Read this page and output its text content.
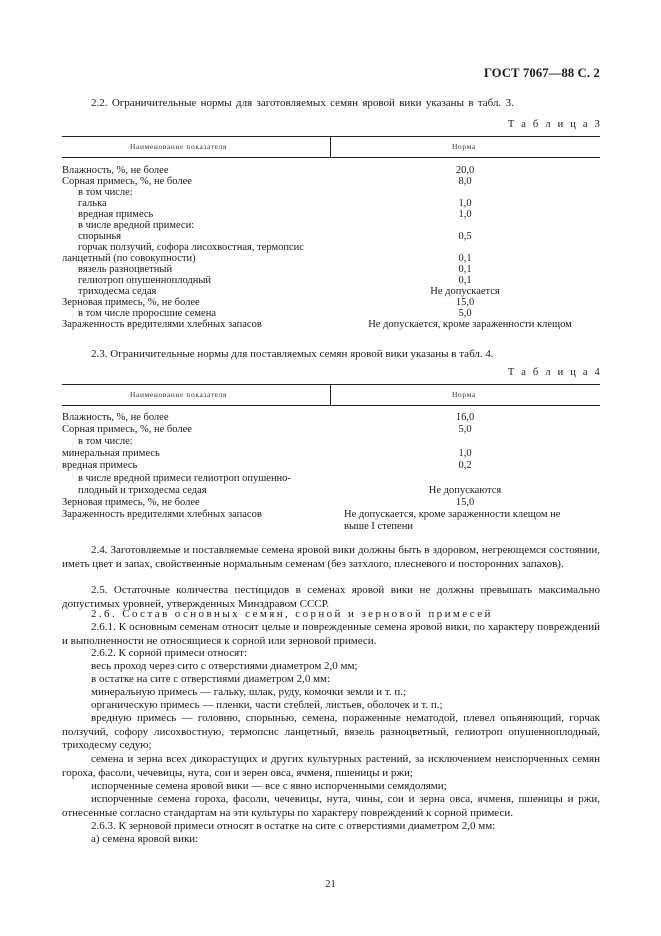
ГОСТ 7067—88 С. 2
2.2. Ограничительные нормы для заготовляемых семян яровой вики указаны в табл. 3.
Т а б л и ц а 3
Наименование показателя	Норма
Влажность, %, не более	20,0
Сорная примесь, %, не более	8,0
в том числе:
галька	1,0
вредная примесь	1,0
в числе вредной примеси:
спорынья	0,5
горчак ползучий, софора лисохвостная, термопсис
ланцетный (по совокупности)	0,1
вязель разноцветный	0,1
гелиотроп опушенноплодный	0,1
триходесма седая	Не допускается
Зерновая примесь, %, не более	15,0
в том числе проросшие семена	5,0
Зараженность вредителями хлебных запасов	Не допускается, кроме зараженности клещом
2.3. Ограничительные нормы для поставляемых семян яровой вики указаны в табл. 4.
Т а б л и ц а 4
Наименование показателя	Норма
Влажность, %, не более	16,0
Сорная примесь, %, не более	5,0
в том числе:
минеральная примесь	1,0
вредная примесь	0,2
в числе вредной примеси гелиотроп опушенно-
плодный и триходесма седая	Не допускаются
Зерновая примесь, %, не более	15,0
Зараженность вредителями хлебных запасов	Не допускается, кроме зараженности клещом не
выше I степени
2.4. Заготовляемые и поставляемые семена яровой вики должны быть в здоровом, негреющемся состоянии, иметь цвет и запах, свойственные нормальным семенам (без затхлого, плесневого и посторонних запахов).
2.5. Остаточные количества пестицидов в семенах яровой вики не должны превышать максимально допустимых уровней, утвержденных Минздравом СССР.
2.6. Состав основных семян, сорной и зерновой примесей
2.6.1. К основным семенам относят целые и поврежденные семена яровой вики, по характеру повреждений и выполненности не относящиеся к сорной или зерновой примеси.
2.6.2. К сорной примеси относят:
весь проход через сито с отверстиями диаметром 2,0 мм;
в остатке на сите с отверстиями диаметром 2,0 мм:
минеральную примесь — гальку, шлак, руду, комочки земли и т. п.;
органическую примесь — пленки, части стеблей, листьев, оболочек и т. п.;
вредную примесь — головню, спорынью, семена, пораженные нематодой, плевел опьяняющий, горчак ползучий, софору лисохвостную, термопсис ланцетный, вязель разноцветный, гелиотроп опушенноплодный, триходесму седую;
семена и зерна всех дикорастущих и других культурных растений, за исключением неиспорченных семян гороха, фасоли, чечевицы, нута, сои и зерен овса, ячменя, пшеницы и ржи;
испорченные семена яровой вики — все с явно испорченными семядолями;
испорченные семена гороха, фасоли, чечевицы, нута, чины, сои и зерна овса, ячменя, пшеницы и ржи, отнесенные согласно стандартам на эти культуры по характеру повреждений к сорной примеси.
2.6.3. К зерновой примеси относят в остатке на сите с отверстиями диаметром 2,0 мм:
а) семена яровой вики:
21
